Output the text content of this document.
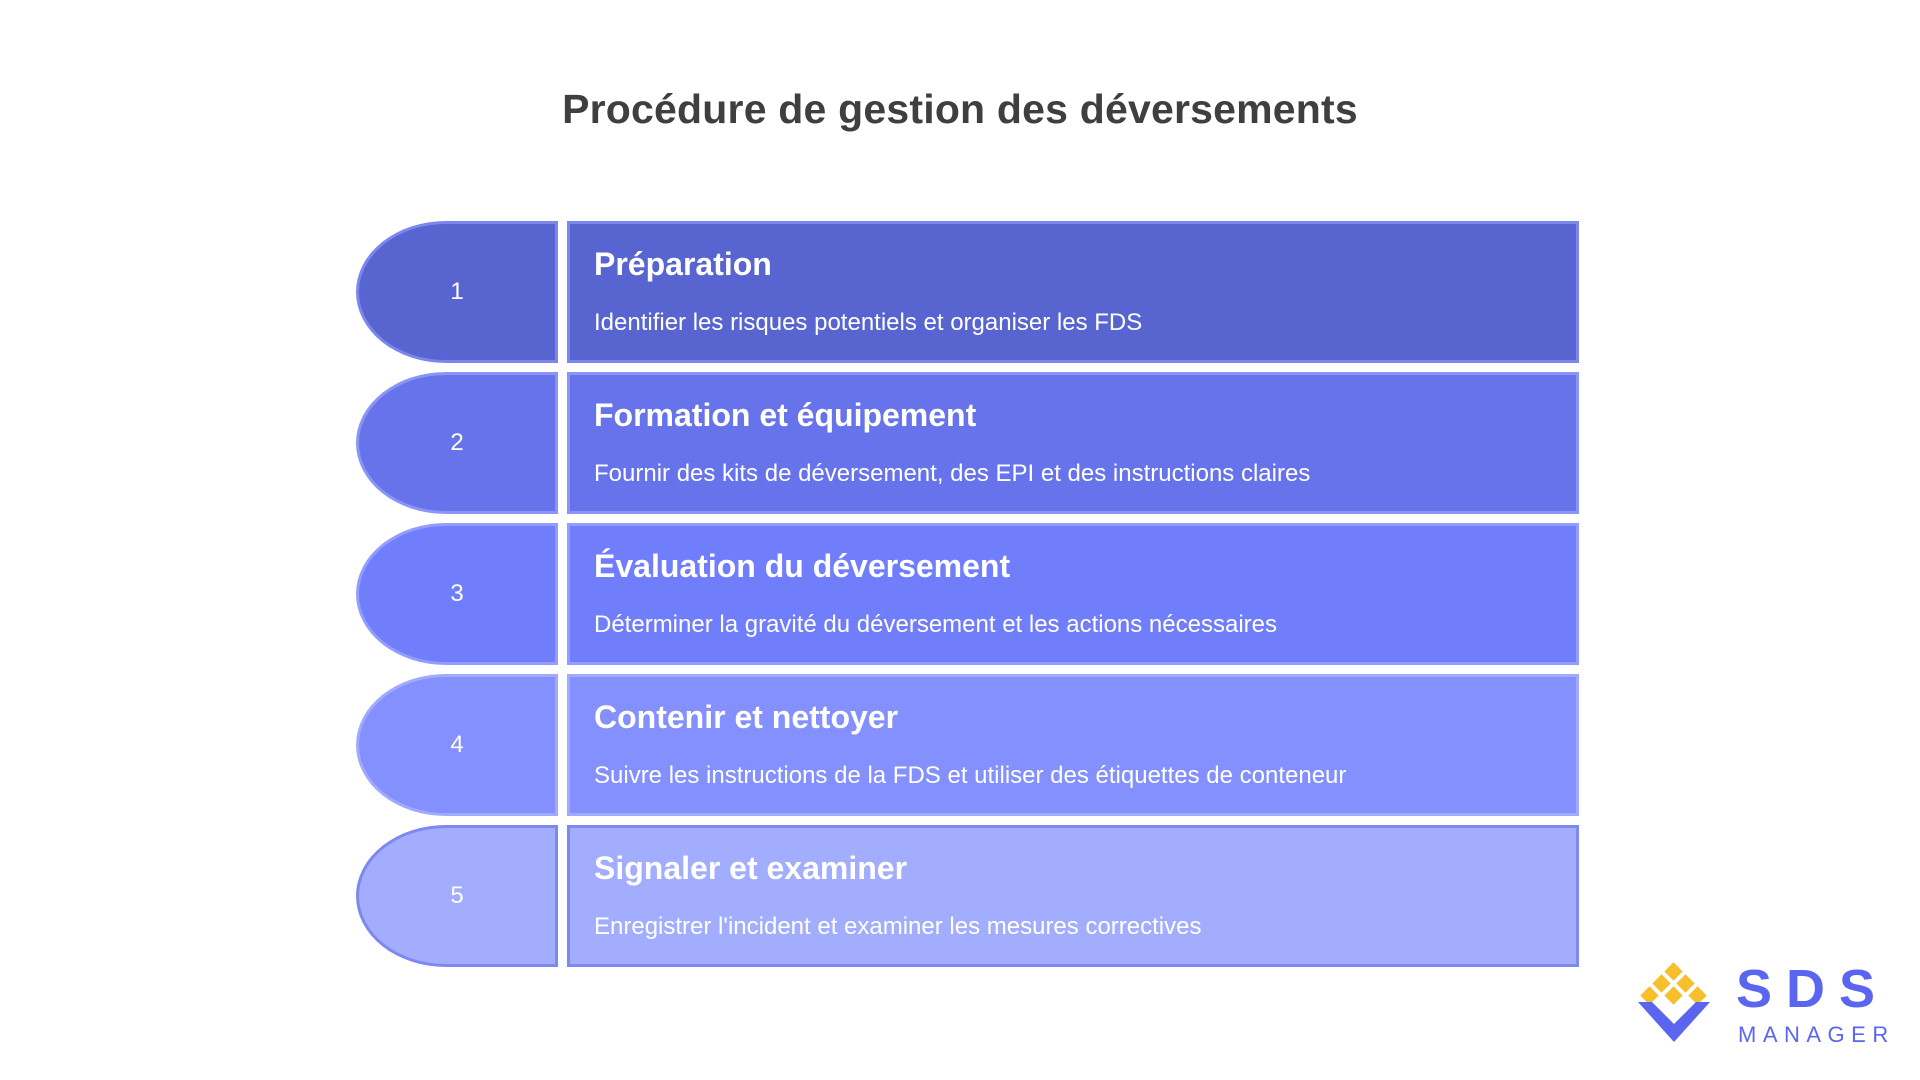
Procédure de gestion des déversements
1
Préparation
Identifier les risques potentiels et organiser les FDS
2
Formation et équipement
Fournir des kits de déversement, des EPI et des instructions claires
3
Évaluation du déversement
Déterminer la gravité du déversement et les actions nécessaires
4
Contenir et nettoyer
Suivre les instructions de la FDS et utiliser des étiquettes de conteneur
5
Signaler et examiner
Enregistrer l'incident et examiner les mesures correctives
SDS
MANAGER
